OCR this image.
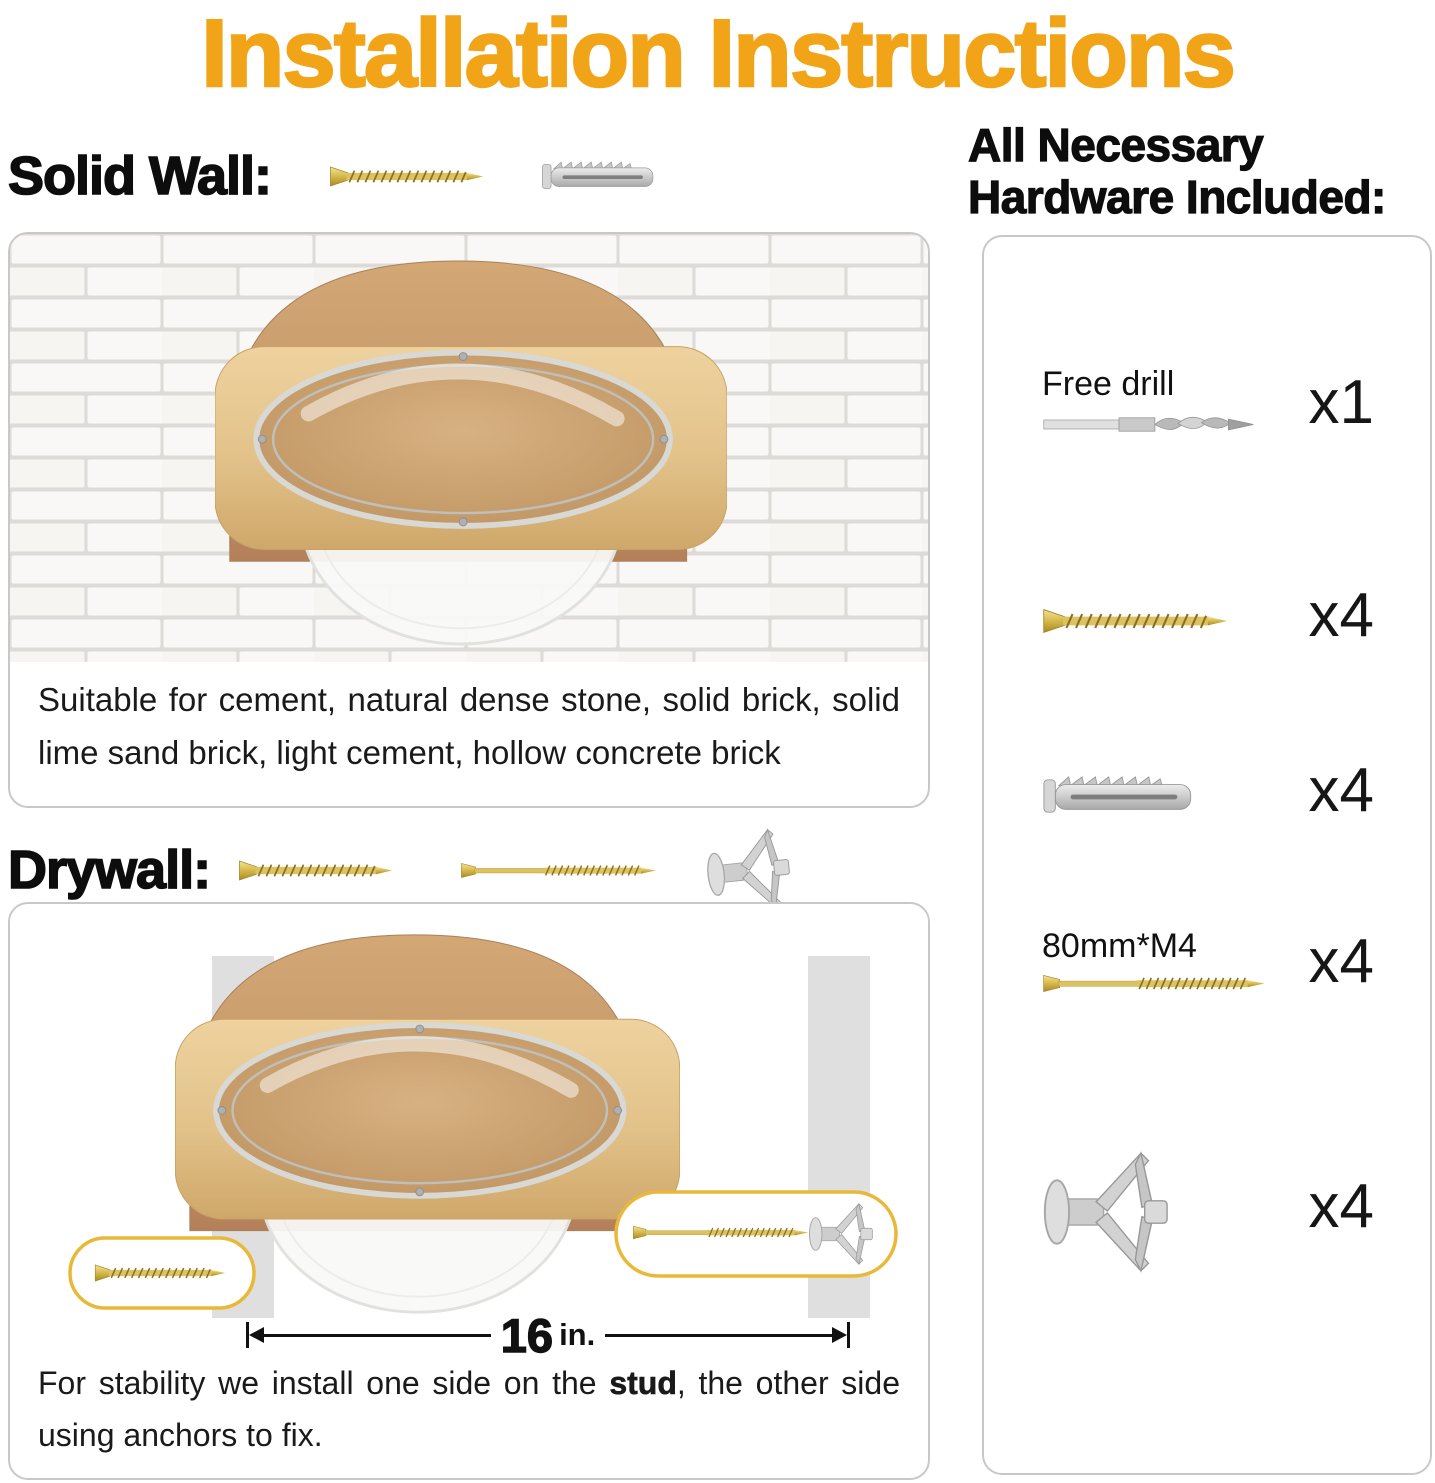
Installation Instructions
Solid Wall:
Suitable for cement, natural dense stone, solid brick, solid lime sand brick, light cement, hollow concrete brick
Drywall:
16 in.
For stability we install one side on the stud, the other side using anchors to fix.
All Necessary Hardware Included:
Free drill x1
x4
x4
80mm*M4 x4
x4
